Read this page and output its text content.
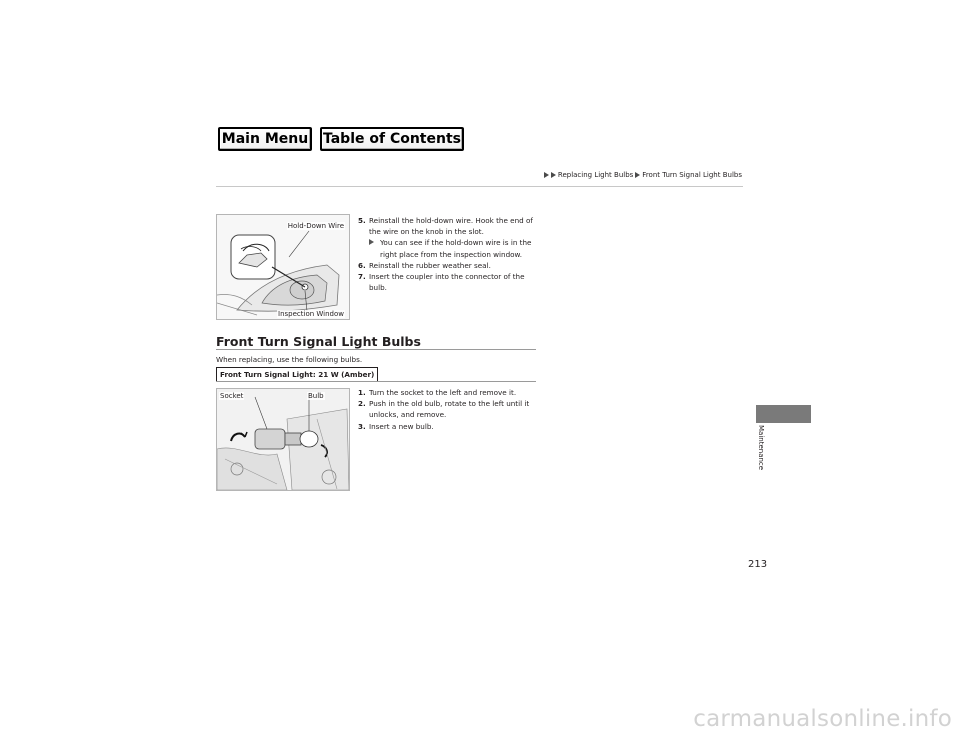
Main Menu Table of Contents
Replacing Light Bulbs Front Turn Signal Light Bulbs
Hold-Down Wire
Inspection Window
5. Reinstall the hold-down wire. Hook the end of the wire on the knob in the slot.
You can see if the hold-down wire is in the right place from the inspection window.
6. Reinstall the rubber weather seal.
7. Insert the coupler into the connector of the bulb.
Front Turn Signal Light Bulbs
When replacing, use the following bulbs.
Front Turn Signal Light: 21 W (Amber)
Socket	Bulb	1. Turn the socket to the left and remove it.
2. Push in the old bulb, rotate to the left until it unlocks, and remove.
3. Insert a new bulb.	Maintenance
213
carmanualsonline.info
